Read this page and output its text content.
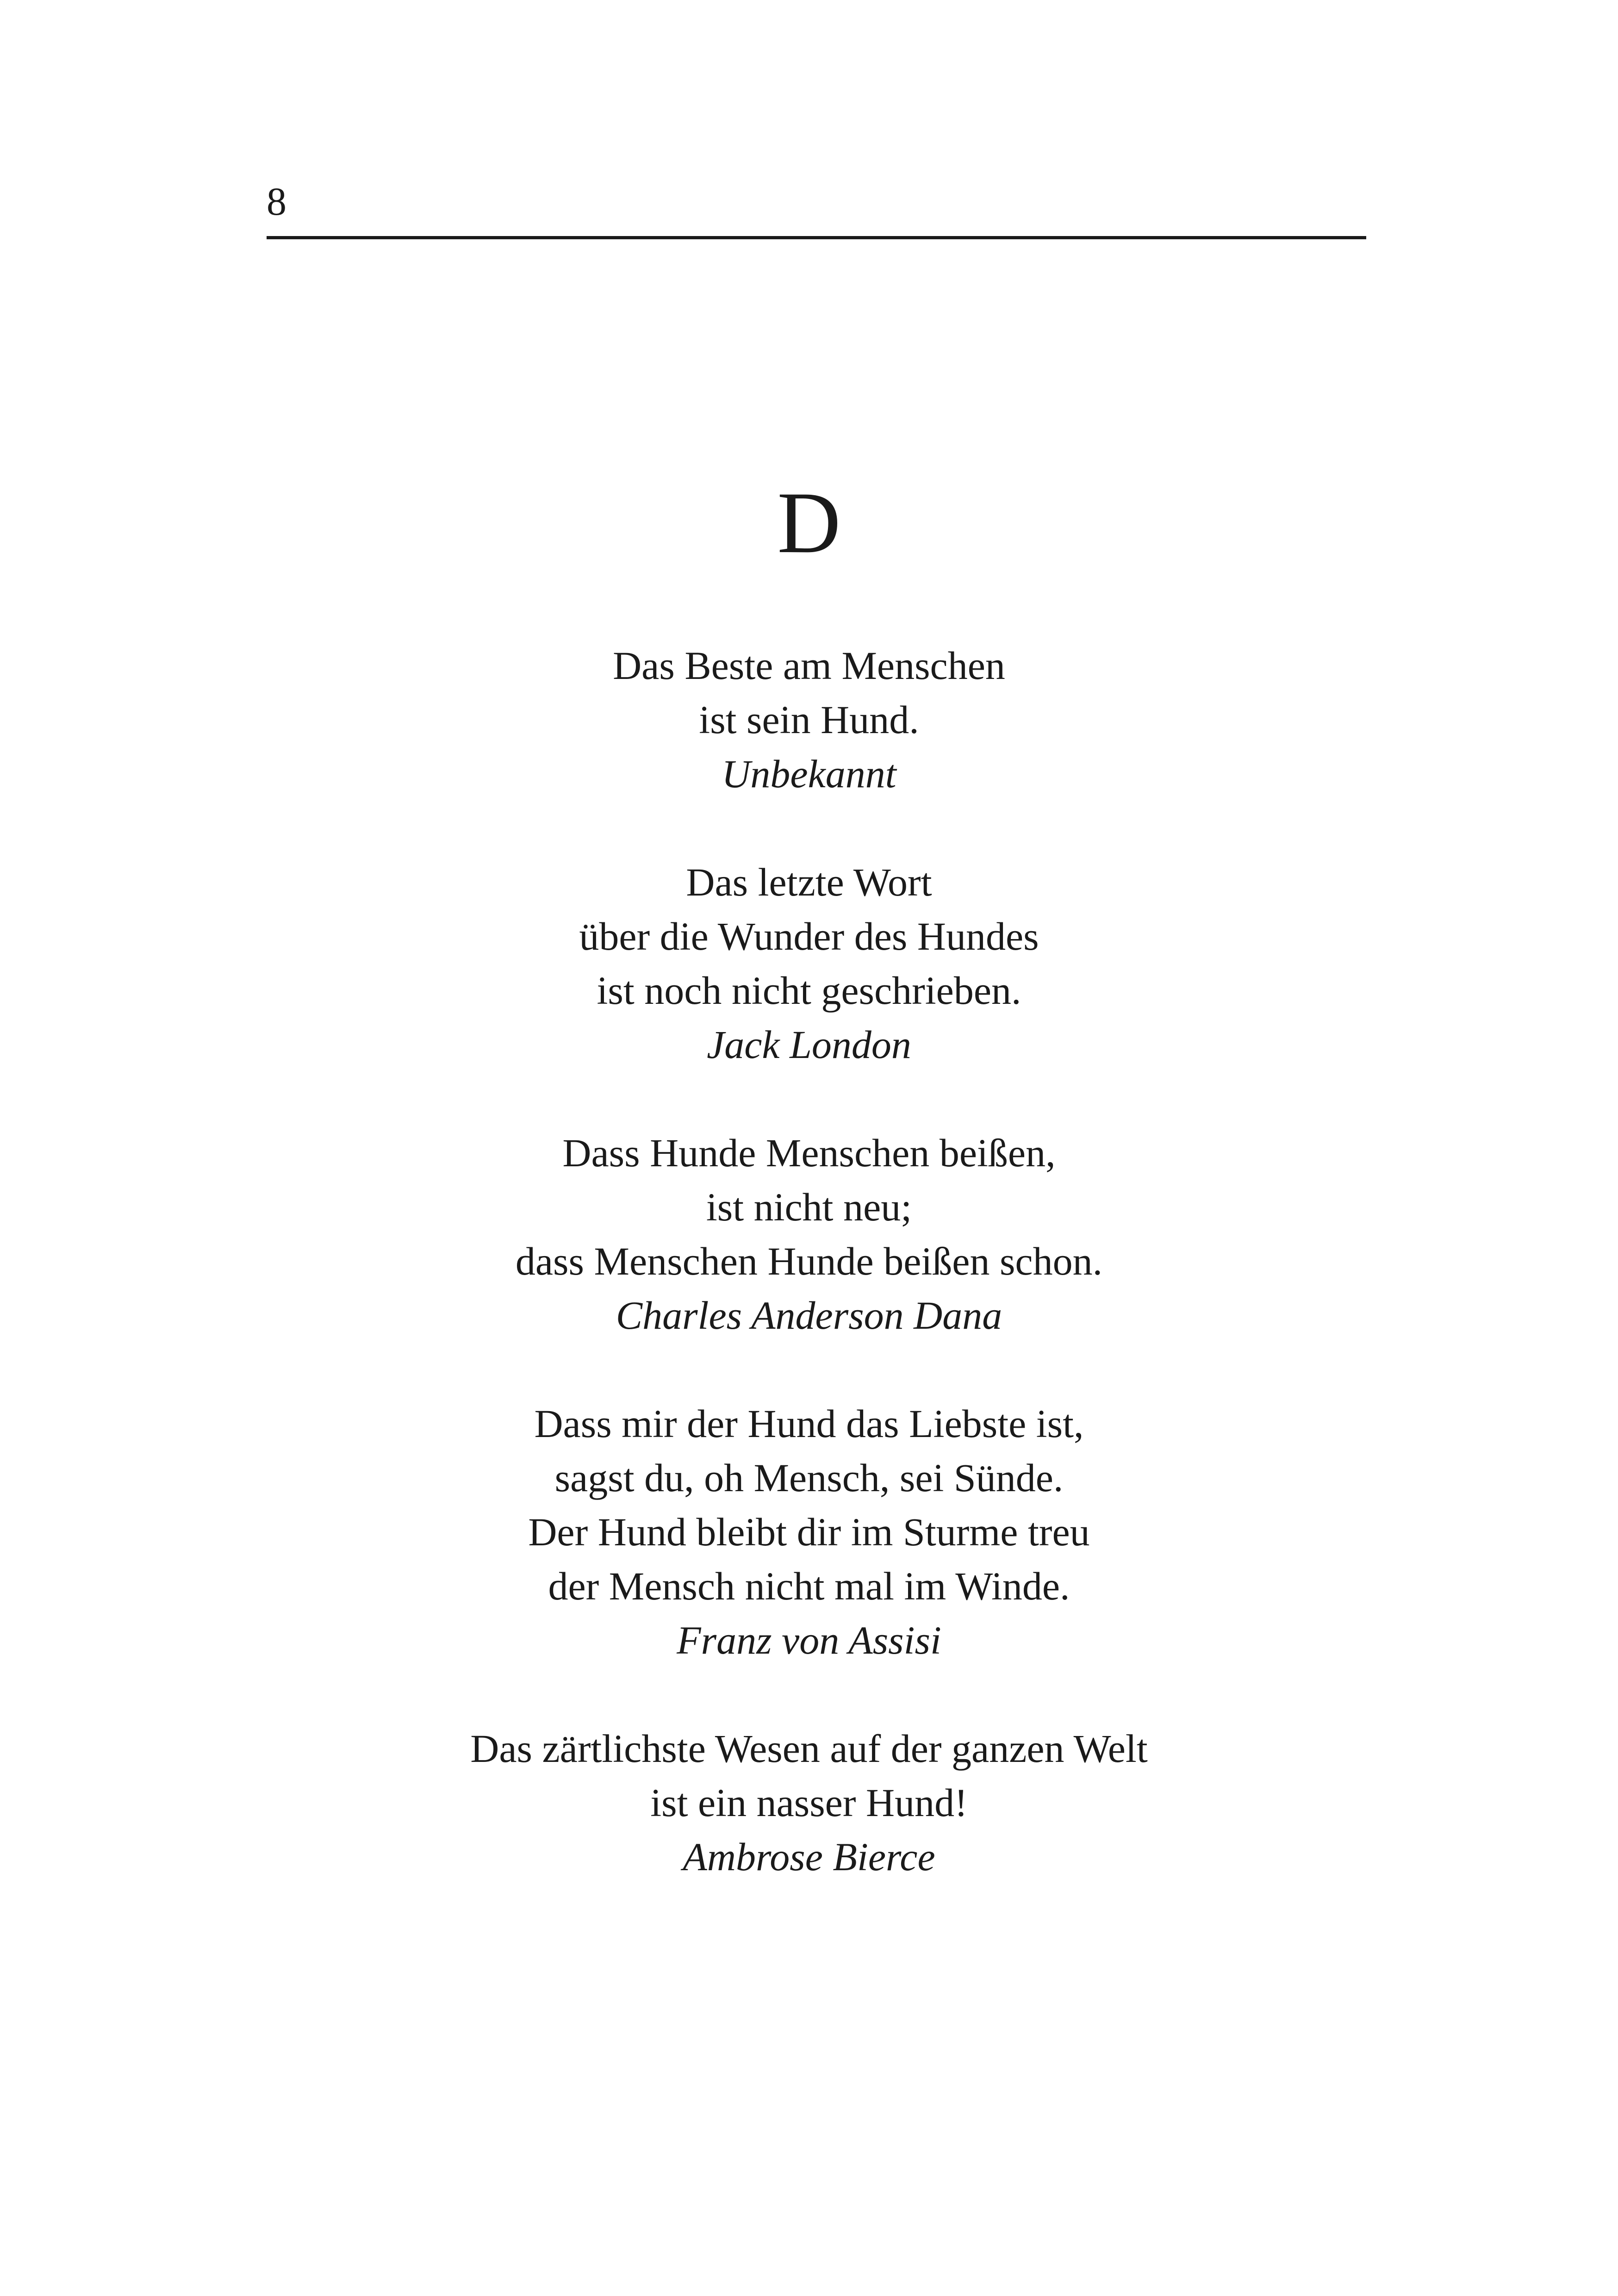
8
D
Das Beste am Menschen
ist sein Hund.
Unbekannt
Das letzte Wort
über die Wunder des Hundes
ist noch nicht geschrieben.
Jack London
Dass Hunde Menschen beißen,
ist nicht neu;
dass Menschen Hunde beißen schon.
Charles Anderson Dana
Dass mir der Hund das Liebste ist,
sagst du, oh Mensch, sei Sünde.
Der Hund bleibt dir im Sturme treu
der Mensch nicht mal im Winde.
Franz von Assisi
Das zärtlichste Wesen auf der ganzen Welt
ist ein nasser Hund!
Ambrose Bierce
